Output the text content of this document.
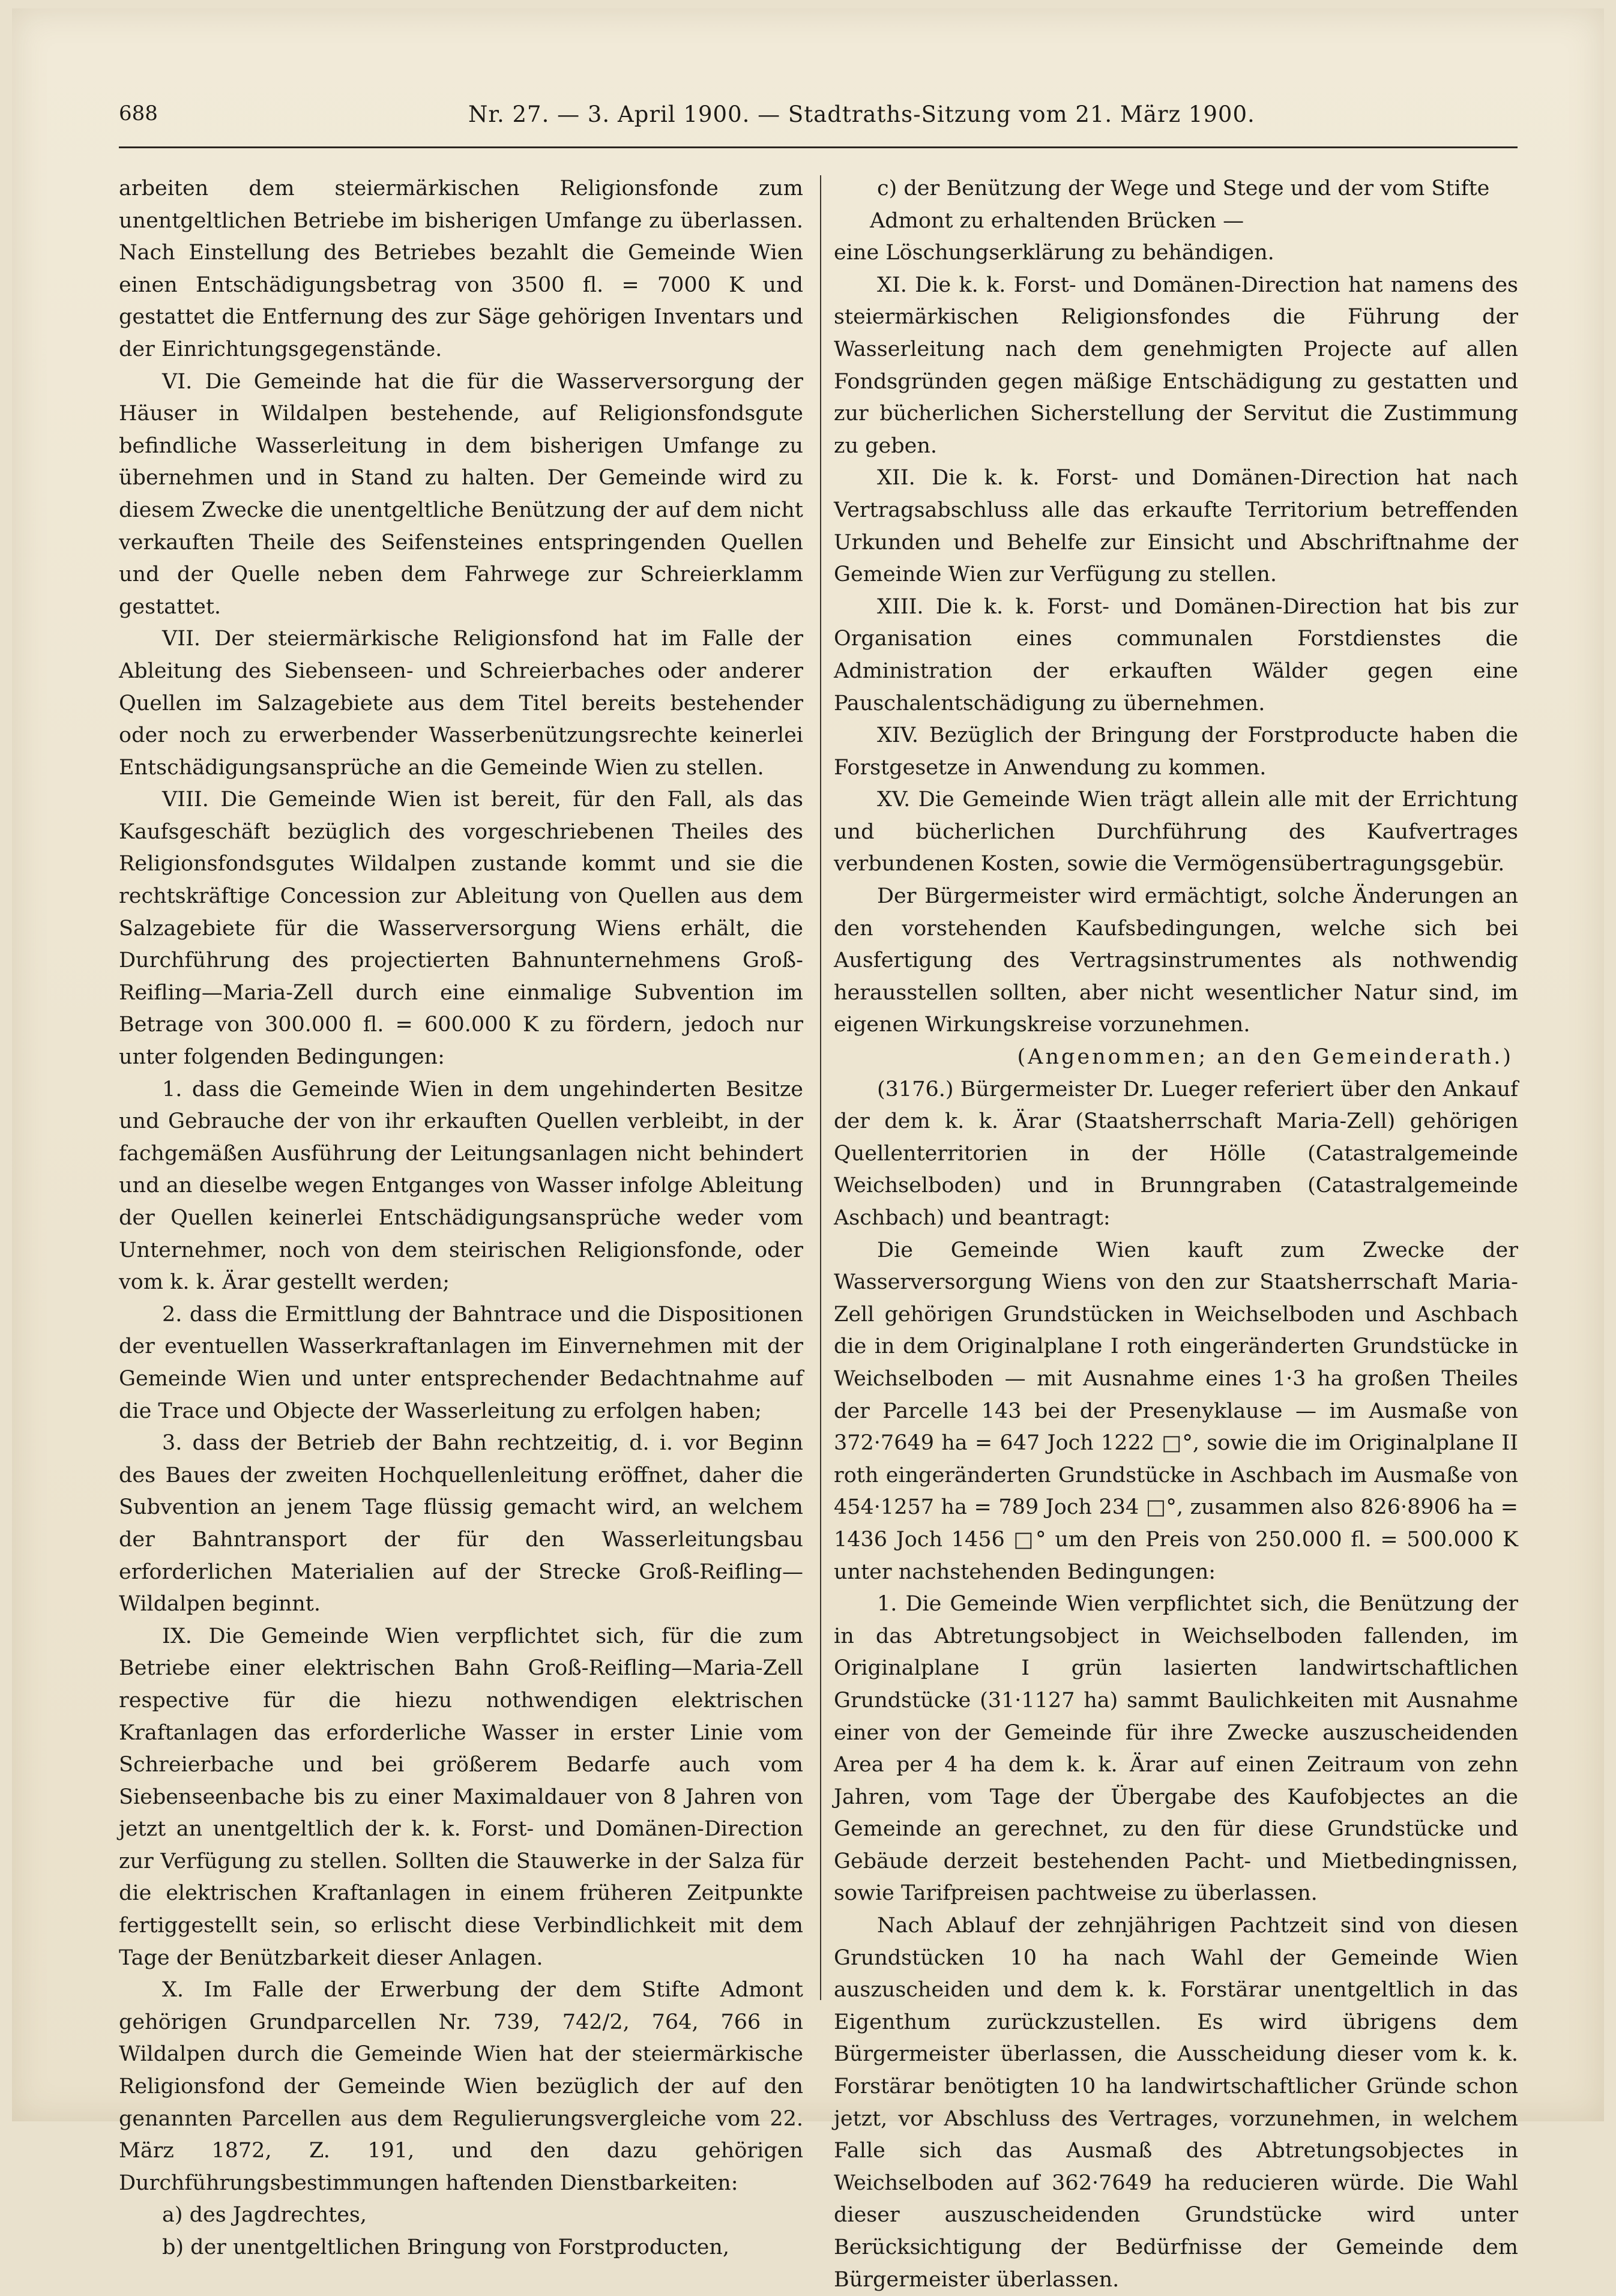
688	Nr. 27. — 3. April 1900. — Stadtraths-Sitzung vom 21. März 1900.

arbeiten dem steiermärkischen Religionsfonde zum unentgeltlichen Betriebe im bisherigen Umfange zu überlassen. Nach Einstellung des Betriebes bezahlt die Gemeinde Wien einen Entschädigungsbetrag von 3500 fl. = 7000 K und gestattet die Entfernung des zur Säge gehörigen Inventars und der Einrichtungsgegenstände.

VI. Die Gemeinde hat die für die Wasserversorgung der Häuser in Wildalpen bestehende, auf Religionsfondsgute befindliche Wasserleitung in dem bisherigen Umfange zu übernehmen und in Stand zu halten. Der Gemeinde wird zu diesem Zwecke die unentgeltliche Benützung der auf dem nicht verkauften Theile des Seifensteines entspringenden Quellen und der Quelle neben dem Fahrwege zur Schreierklamm gestattet.

VII. Der steiermärkische Religionsfond hat im Falle der Ableitung des Siebenseen- und Schreierbaches oder anderer Quellen im Salzagebiete aus dem Titel bereits bestehender oder noch zu erwerbender Wasserbenützungsrechte keinerlei Entschädigungsansprüche an die Gemeinde Wien zu stellen.

VIII. Die Gemeinde Wien ist bereit, für den Fall, als das Kaufsgeschäft bezüglich des vorgeschriebenen Theiles des Religionsfondsgutes Wildalpen zustande kommt und sie die rechtskräftige Concession zur Ableitung von Quellen aus dem Salzagebiete für die Wasserversorgung Wiens erhält, die Durchführung des projectierten Bahnunternehmens Groß-Reifling—Maria-Zell durch eine einmalige Subvention im Betrage von 300.000 fl. = 600.000 K zu fördern, jedoch nur unter folgenden Bedingungen:

1. dass die Gemeinde Wien in dem ungehinderten Besitze und Gebrauche der von ihr erkauften Quellen verbleibt, in der fachgemäßen Ausführung der Leitungsanlagen nicht behindert und an dieselbe wegen Entganges von Wasser infolge Ableitung der Quellen keinerlei Entschädigungsansprüche weder vom Unternehmer, noch von dem steirischen Religionsfonde, oder vom k. k. Ärar gestellt werden;

2. dass die Ermittlung der Bahntrace und die Dispositionen der eventuellen Wasserkraftanlagen im Einvernehmen mit der Gemeinde Wien und unter entsprechender Bedachtnahme auf die Trace und Objecte der Wasserleitung zu erfolgen haben;

3. dass der Betrieb der Bahn rechtzeitig, d. i. vor Beginn des Baues der zweiten Hochquellenleitung eröffnet, daher die Subvention an jenem Tage flüssig gemacht wird, an welchem der Bahntransport der für den Wasserleitungsbau erforderlichen Materialien auf der Strecke Groß-Reifling—Wildalpen beginnt.

IX. Die Gemeinde Wien verpflichtet sich, für die zum Betriebe einer elektrischen Bahn Groß-Reifling—Maria-Zell respective für die hiezu nothwendigen elektrischen Kraftanlagen das erforderliche Wasser in erster Linie vom Schreierbache und bei größerem Bedarfe auch vom Siebenseenbache bis zu einer Maximaldauer von 8 Jahren von jetzt an unentgeltlich der k. k. Forst- und Domänen-Direction zur Verfügung zu stellen. Sollten die Stauwerke in der Salza für die elektrischen Kraftanlagen in einem früheren Zeitpunkte fertiggestellt sein, so erlischt diese Verbindlichkeit mit dem Tage der Benützbarkeit dieser Anlagen.

X. Im Falle der Erwerbung der dem Stifte Admont gehörigen Grundparcellen Nr. 739, 742/2, 764, 766 in Wildalpen durch die Gemeinde Wien hat der steiermärkische Religionsfond der Gemeinde Wien bezüglich der auf den genannten Parcellen aus dem Regulierungsvergleiche vom 22. März 1872, Z. 191, und den dazu gehörigen Durchführungsbestimmungen haftenden Dienstbarkeiten:

a) des Jagdrechtes,

b) der unentgeltlichen Bringung von Forstproducten,

c) der Benützung der Wege und Stege und der vom Stifte

Admont zu erhaltenden Brücken —

eine Löschungserklärung zu behändigen.

XI. Die k. k. Forst- und Domänen-Direction hat namens des steiermärkischen Religionsfondes die Führung der Wasserleitung nach dem genehmigten Projecte auf allen Fondsgründen gegen mäßige Entschädigung zu gestatten und zur bücherlichen Sicherstellung der Servitut die Zustimmung zu geben.

XII. Die k. k. Forst- und Domänen-Direction hat nach Vertragsabschluss alle das erkaufte Territorium betreffenden Urkunden und Behelfe zur Einsicht und Abschriftnahme der Gemeinde Wien zur Verfügung zu stellen.

XIII. Die k. k. Forst- und Domänen-Direction hat bis zur Organisation eines communalen Forstdienstes die Administration der erkauften Wälder gegen eine Pauschalentschädigung zu übernehmen.

XIV. Bezüglich der Bringung der Forstproducte haben die Forstgesetze in Anwendung zu kommen.

XV. Die Gemeinde Wien trägt allein alle mit der Errichtung und bücherlichen Durchführung des Kaufvertrages verbundenen Kosten, sowie die Vermögensübertragungsgebür.

Der Bürgermeister wird ermächtigt, solche Änderungen an den vorstehenden Kaufsbedingungen, welche sich bei Ausfertigung des Vertragsinstrumentes als nothwendig herausstellen sollten, aber nicht wesentlicher Natur sind, im eigenen Wirkungskreise vorzunehmen.

(Angenommen; an den Gemeinderath.)

(3176.) Bürgermeister Dr. Lueger referiert über den Ankauf der dem k. k. Ärar (Staatsherrschaft Maria-Zell) gehörigen Quellenterritorien in der Hölle (Catastralgemeinde Weichselboden) und in Brunngraben (Catastralgemeinde Aschbach) und beantragt:

Die Gemeinde Wien kauft zum Zwecke der Wasserversorgung Wiens von den zur Staatsherrschaft Maria-Zell gehörigen Grundstücken in Weichselboden und Aschbach die in dem Originalplane I roth eingeränderten Grundstücke in Weichselboden — mit Ausnahme eines 1·3 ha großen Theiles der Parcelle 143 bei der Presenyklause — im Ausmaße von 372·7649 ha = 647 Joch 1222 □°, sowie die im Originalplane II roth eingeränderten Grundstücke in Aschbach im Ausmaße von 454·1257 ha = 789 Joch 234 □°, zusammen also 826·8906 ha = 1436 Joch 1456 □° um den Preis von 250.000 fl. = 500.000 K unter nachstehenden Bedingungen:

1. Die Gemeinde Wien verpflichtet sich, die Benützung der in das Abtretungsobject in Weichselboden fallenden, im Originalplane I grün lasierten landwirtschaftlichen Grundstücke (31·1127 ha) sammt Baulichkeiten mit Ausnahme einer von der Gemeinde für ihre Zwecke auszuscheidenden Area per 4 ha dem k. k. Ärar auf einen Zeitraum von zehn Jahren, vom Tage der Übergabe des Kaufobjectes an die Gemeinde an gerechnet, zu den für diese Grundstücke und Gebäude derzeit bestehenden Pacht- und Mietbedingnissen, sowie Tarifpreisen pachtweise zu überlassen.

Nach Ablauf der zehnjährigen Pachtzeit sind von diesen Grundstücken 10 ha nach Wahl der Gemeinde Wien auszuscheiden und dem k. k. Forstärar unentgeltlich in das Eigenthum zurückzustellen. Es wird übrigens dem Bürgermeister überlassen, die Ausscheidung dieser vom k. k. Forstärar benötigten 10 ha landwirtschaftlicher Gründe schon jetzt, vor Abschluss des Vertrages, vorzunehmen, in welchem Falle sich das Ausmaß des Abtretungsobjectes in Weichselboden auf 362·7649 ha reducieren würde. Die Wahl dieser auszuscheidenden Grundstücke wird unter Berücksichtigung der Bedürfnisse der Gemeinde dem Bürgermeister überlassen.
